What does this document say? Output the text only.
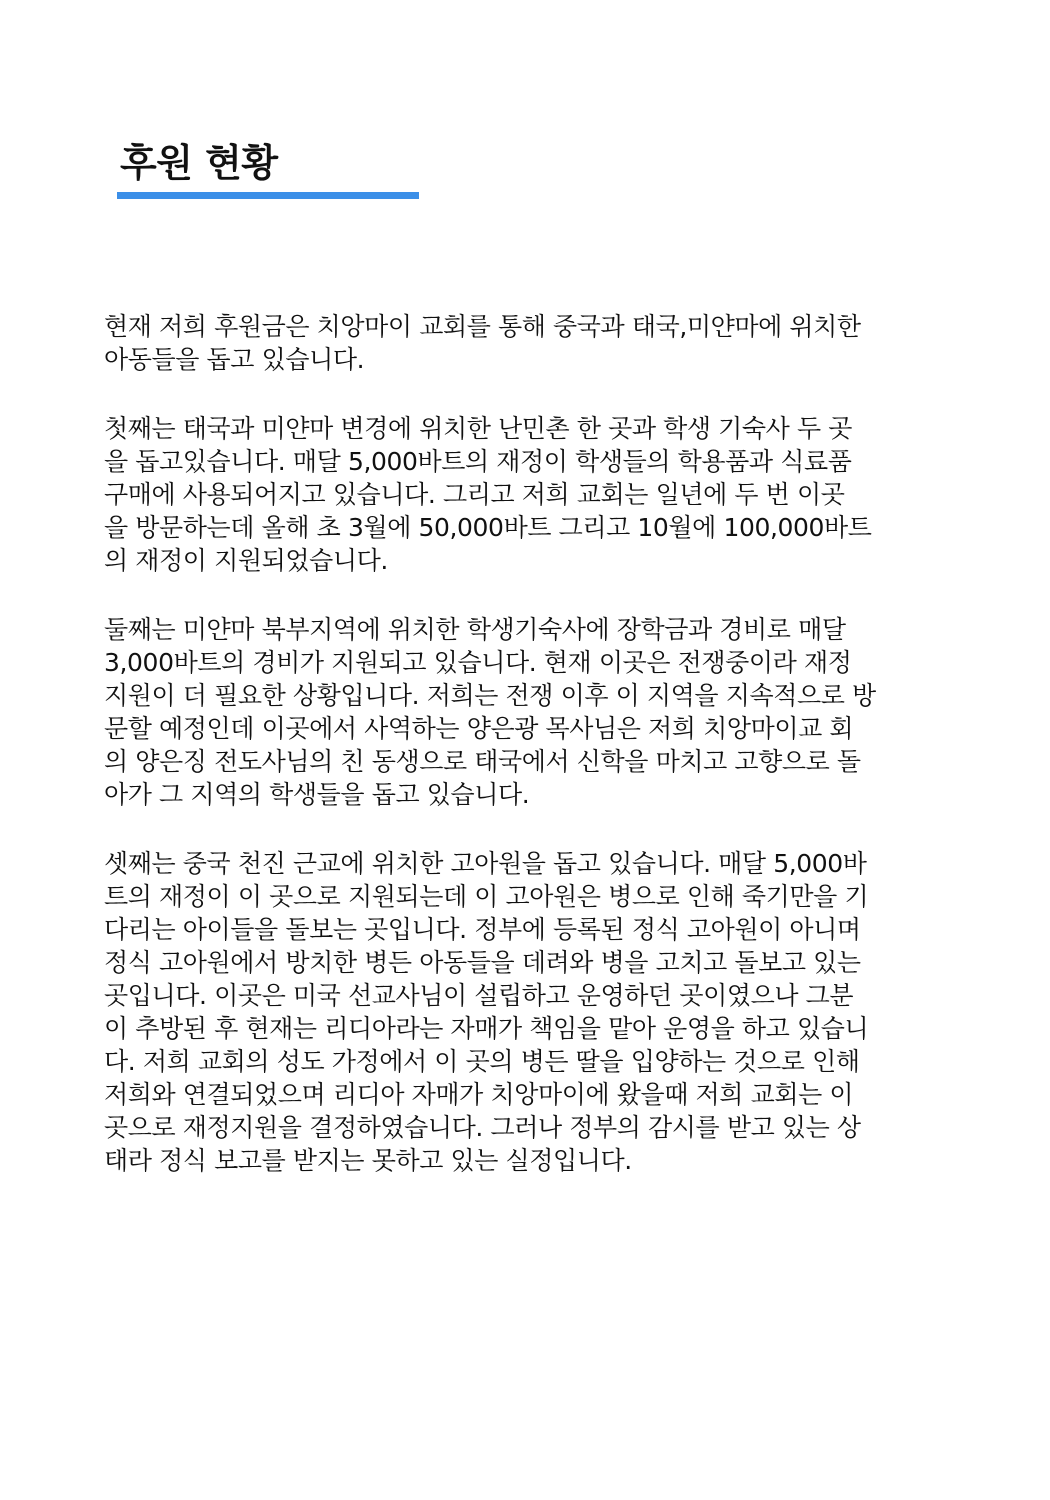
후원 현황

현재 저희 후원금은 치앙마이 교회를 통해 중국과 태국,미얀마에 위치한
아동들을 돕고 있습니다.

첫째는 태국과 미얀마 변경에 위치한 난민촌 한 곳과 학생 기숙사 두 곳
을 돕고있습니다. 매달 5,000바트의 재정이 학생들의 학용품과 식료품
구매에 사용되어지고 있습니다. 그리고 저희 교회는 일년에 두 번 이곳
을 방문하는데 올해 초 3월에 50,000바트 그리고 10월에 100,000바트
의 재정이 지원되었습니다.

둘째는 미얀마 북부지역에 위치한 학생기숙사에 장학금과 경비로 매달
3,000바트의 경비가 지원되고 있습니다. 현재 이곳은 전쟁중이라 재정
지원이 더 필요한 상황입니다. 저희는 전쟁 이후 이 지역을 지속적으로 방
문할 예정인데 이곳에서 사역하는 양은광 목사님은 저희 치앙마이교 회
의 양은징 전도사님의 친 동생으로 태국에서 신학을 마치고 고향으로 돌
아가 그 지역의 학생들을 돕고 있습니다.

셋째는 중국 천진 근교에 위치한 고아원을 돕고 있습니다. 매달 5,000바
트의 재정이 이 곳으로 지원되는데 이 고아원은 병으로 인해 죽기만을 기
다리는 아이들을 돌보는 곳입니다. 정부에 등록된 정식 고아원이 아니며
정식 고아원에서 방치한 병든 아동들을 데려와 병을 고치고 돌보고 있는
곳입니다. 이곳은 미국 선교사님이 설립하고 운영하던 곳이였으나 그분
이 추방된 후 현재는 리디아라는 자매가 책임을 맡아 운영을 하고 있습니
다. 저희 교회의 성도 가정에서 이 곳의 병든 딸을 입양하는 것으로 인해
저희와 연결되었으며 리디아 자매가 치앙마이에 왔을때 저희 교회는 이
곳으로 재정지원을 결정하였습니다. 그러나 정부의 감시를 받고 있는 상
태라 정식 보고를 받지는 못하고 있는 실정입니다.
